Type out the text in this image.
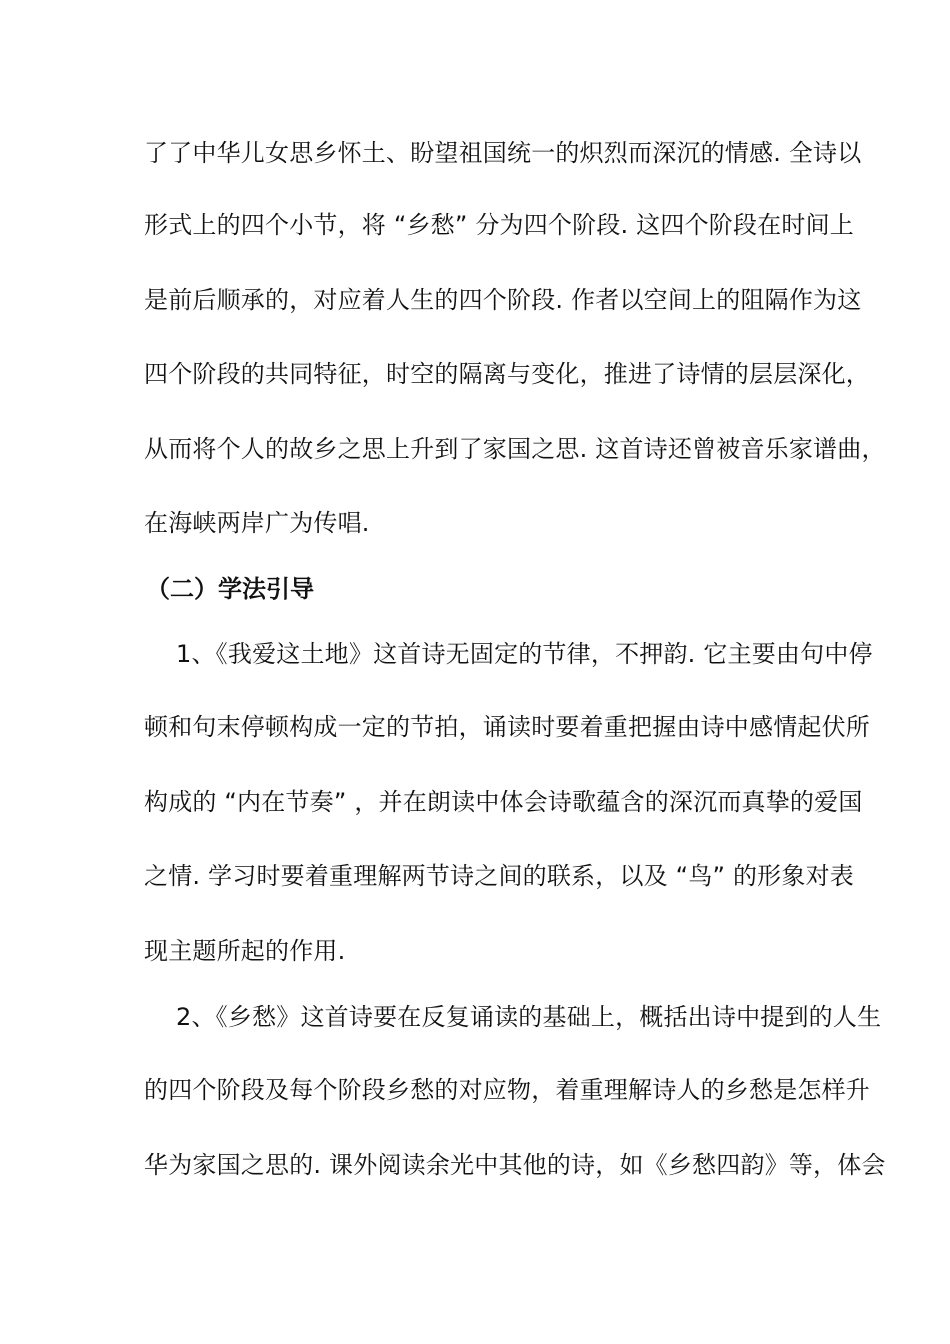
了了中华儿女思乡怀土、盼望祖国统一的炽烈而深沉的情感. 全诗以
形式上的四个小节，将 “乡愁” 分为四个阶段. 这四个阶段在时间上
是前后顺承的，对应着人生的四个阶段. 作者以空间上的阻隔作为这
四个阶段的共同特征，时空的隔离与变化，推进了诗情的层层深化，
从而将个人的故乡之思上升到了家国之思. 这首诗还曾被音乐家谱曲，
在海峡两岸广为传唱.
（二）学法引导
1、《我爱这土地》这首诗无固定的节律，不押韵. 它主要由句中停
顿和句末停顿构成一定的节拍，诵读时要着重把握由诗中感情起伏所
构成的 “内在节奏” ，并在朗读中体会诗歌蕴含的深沉而真挚的爱国
之情. 学习时要着重理解两节诗之间的联系，以及 “鸟” 的形象对表
现主题所起的作用.
2、《乡愁》这首诗要在反复诵读的基础上，概括出诗中提到的人生
的四个阶段及每个阶段乡愁的对应物，着重理解诗人的乡愁是怎样升
华为家国之思的. 课外阅读余光中其他的诗，如《乡愁四韵》等，体会
